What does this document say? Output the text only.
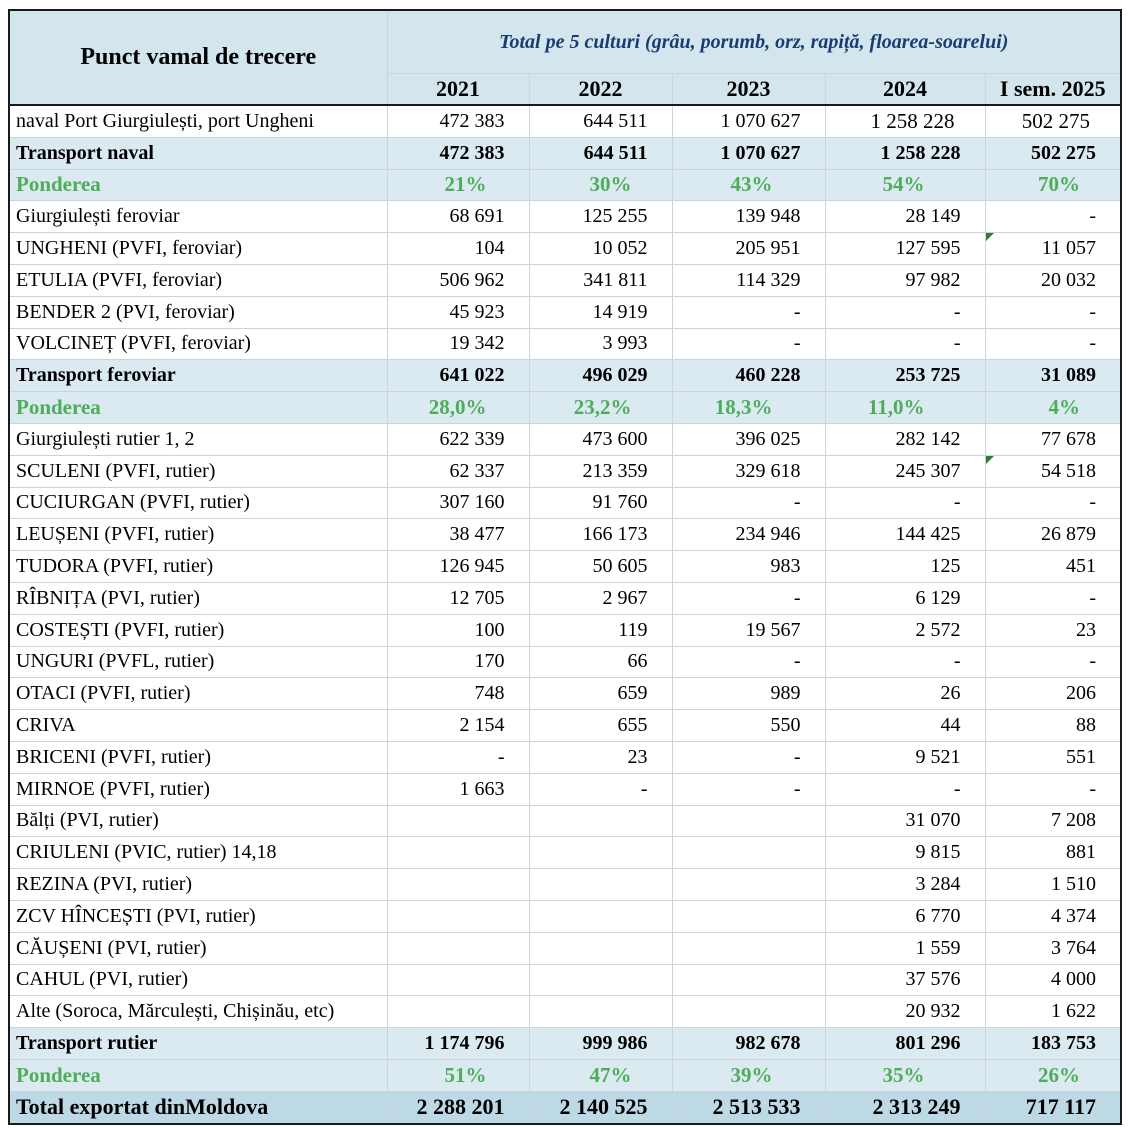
Punct vamal de trecere	Total pe 5 culturi (grâu, porumb, orz, rapiță, floarea-soarelui)				
	2021	2022	2023	2024	I sem. 2025
naval Port Giurgiulești, port Ungheni	472 383	644 511	1 070 627	1 258 228	502 275
Transport naval	472 383	644 511	1 070 627	1 258 228	502 275
Ponderea	21%	30%	43%	54%	70%
Giurgiulești feroviar	68 691	125 255	139 948	28 149	-
UNGHENI (PVFI, feroviar)	104	10 052	205 951	127 595	11 057
ETULIA (PVFI, feroviar)	506 962	341 811	114 329	97 982	20 032
BENDER 2 (PVI, feroviar)	45 923	14 919	-	-	-
VOLCINEȚ (PVFI, feroviar)	19 342	3 993	-	-	-
Transport feroviar	641 022	496 029	460 228	253 725	31 089
Ponderea	28,0%	23,2%	18,3%	11,0%	4%
Giurgiulești rutier 1, 2	622 339	473 600	396 025	282 142	77 678
SCULENI (PVFI, rutier)	62 337	213 359	329 618	245 307	54 518
CUCIURGAN (PVFI, rutier)	307 160	91 760	-	-	-
LEUȘENI (PVFI, rutier)	38 477	166 173	234 946	144 425	26 879
TUDORA (PVFI, rutier)	126 945	50 605	983	125	451
RÎBNIȚA (PVI, rutier)	12 705	2 967	-	6 129	-
COSTEȘTI (PVFI, rutier)	100	119	19 567	2 572	23
UNGURI (PVFL, rutier)	170	66	-	-	-
OTACI (PVFI, rutier)	748	659	989	26	206
CRIVA	2 154	655	550	44	88
BRICENI (PVFI, rutier)	-	23	-	9 521	551
MIRNOE (PVFI, rutier)	1 663	-	-	-	-
Bălți (PVI, rutier)				31 070	7 208
CRIULENI (PVIC, rutier) 14,18				9 815	881
REZINA (PVI, rutier)				3 284	1 510
ZCV HÎNCEȘTI (PVI, rutier)				6 770	4 374
CĂUȘENI (PVI, rutier)				1 559	3 764
CAHUL (PVI, rutier)				37 576	4 000
Alte (Soroca, Mărculești, Chișinău, etc)				20 932	1 622
Transport rutier	1 174 796	999 986	982 678	801 296	183 753
Ponderea	51%	47%	39%	35%	26%
Total exportat dinMoldova	2 288 201	2 140 525	2 513 533	2 313 249	717 117
